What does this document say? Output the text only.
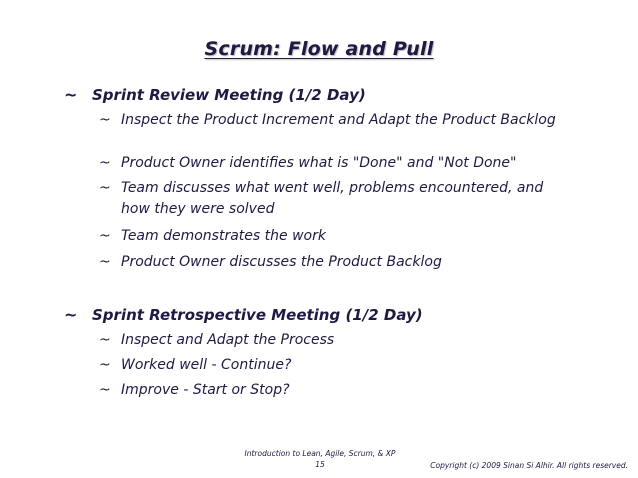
Scrum: Flow and Pull
~ Sprint Review Meeting (1/2 Day)
~ Inspect the Product Increment and Adapt the Product Backlog
~ Product Owner identifies what is "Done" and "Not Done"
~ Team discusses what went well, problems encountered, and how they were solved
~ Team demonstrates the work
~ Product Owner discusses the Product Backlog
~ Sprint Retrospective Meeting (1/2 Day)
~ Inspect and Adapt the Process
~ Worked well - Continue?
~ Improve - Start or Stop?
Introduction to Lean, Agile, Scrum, & XP
15	Copyright (c) 2009 Sinan Si Alhir. All rights reserved.
